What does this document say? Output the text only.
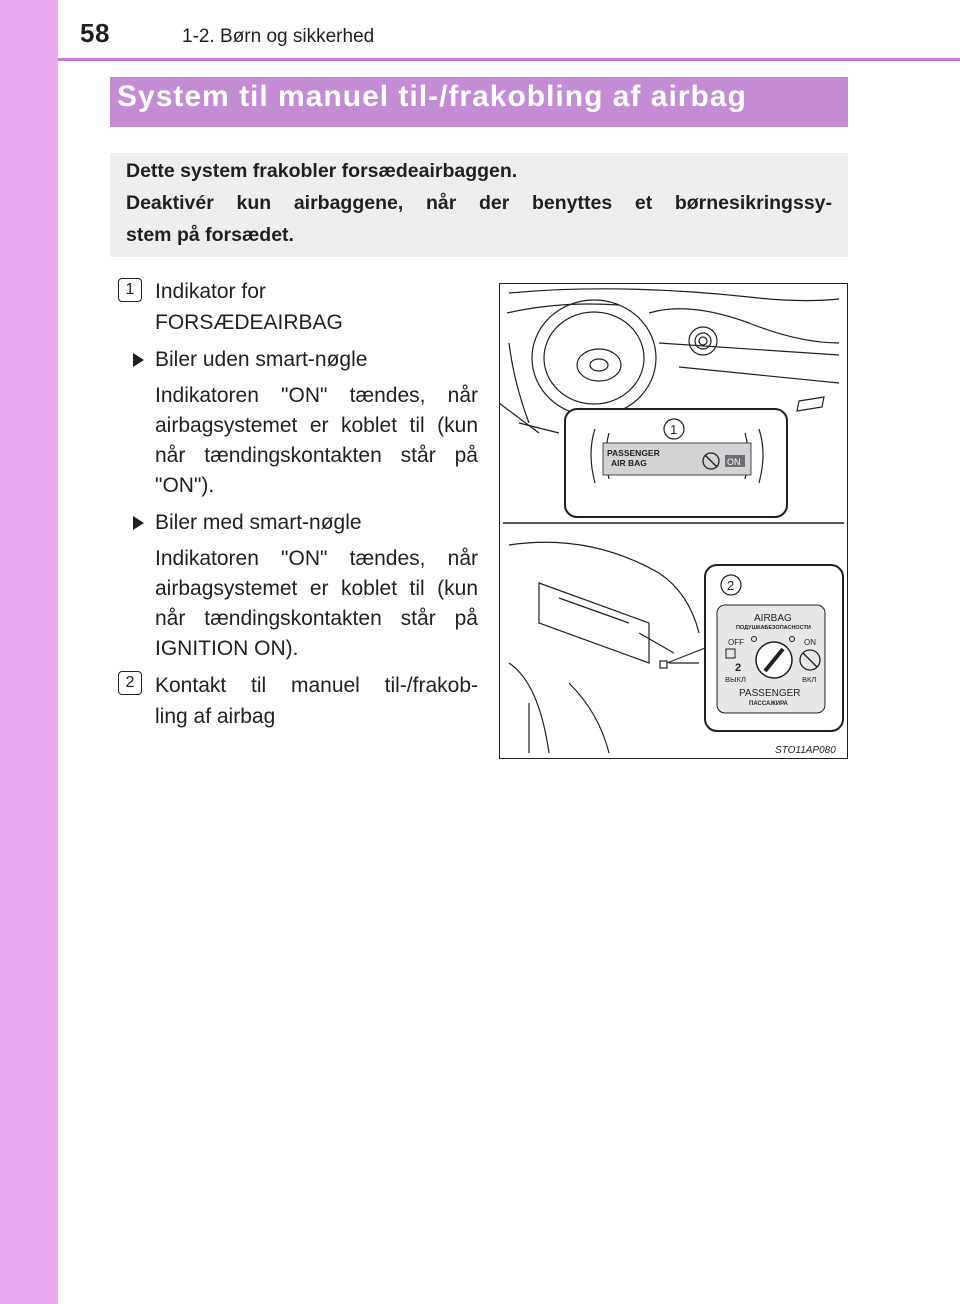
58	1-2. Børn og sikkerhed
System til manuel til-/frakobling af airbag
Dette system frakobler forsædeairbaggen.
Deaktivér kun airbaggene, når der benyttes et børnesikringssy-
stem på forsædet.
1 Indikator for
FORSÆDEAIRBAG
Biler uden smart-nøgle
Indikatoren "ON" tændes, når
airbagsystemet er koblet til (kun
når tændingskontakten står på
"ON").
Biler med smart-nøgle
Indikatoren "ON" tændes, når
airbagsystemet er koblet til (kun
når tændingskontakten står på
IGNITION ON).
2 Kontakt til manuel til-/frakob-
ling af airbag
PASSENGER
AIR BAG	ON
1
2
AIRBAG
ПОДУШКАБЕЗОПАСНОСТИ
OFF	ON
2
ВЫКЛ	ВКЛ
PASSENGER
ПАССАЖИРА
STO11AP080
